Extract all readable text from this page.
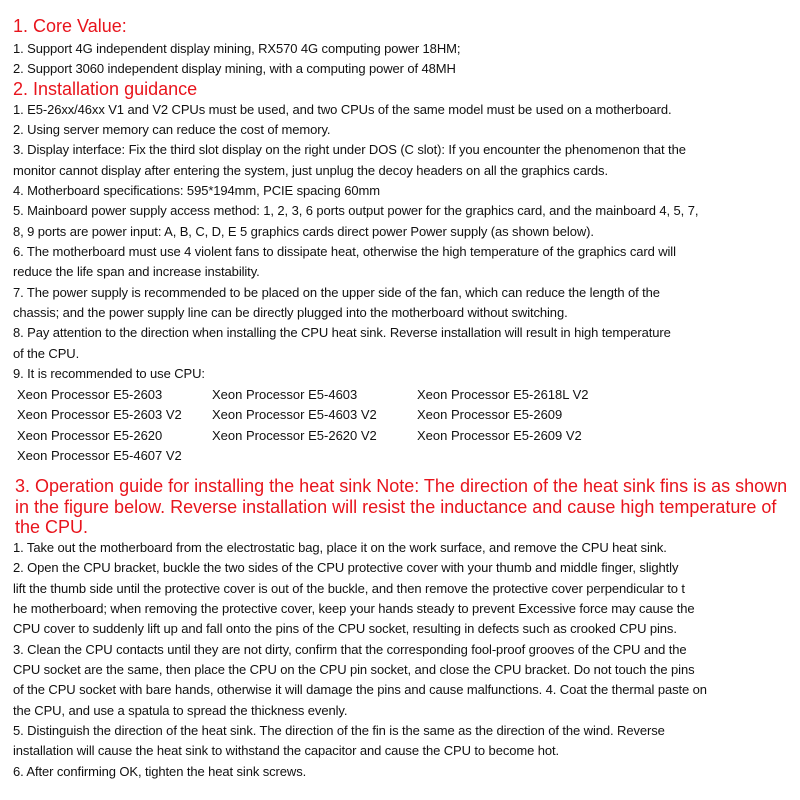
1. Core Value:
1. Support 4G independent display mining, RX570 4G computing power 18HM;
2. Support 3060 independent display mining, with a computing power of 48MH
2. Installation guidance
1. E5-26xx/46xx V1 and V2 CPUs must be used, and two CPUs of the same model must be used on a motherboard.
2. Using server memory can reduce the cost of memory.
3. Display interface: Fix the third slot display on the right under DOS (C slot): If you encounter the phenomenon that the
monitor cannot display after entering the system, just unplug the decoy headers on all the graphics cards.
4. Motherboard specifications: 595*194mm, PCIE spacing 60mm
5. Mainboard power supply access method: 1, 2, 3, 6 ports output power for the graphics card, and the mainboard 4, 5, 7,
8, 9 ports are power input: A, B, C, D, E 5 graphics cards direct power Power supply (as shown below).
6. The motherboard must use 4 violent fans to dissipate heat, otherwise the high temperature of the graphics card will
reduce the life span and increase instability.
7. The power supply is recommended to be placed on the upper side of the fan, which can reduce the length of the
chassis; and the power supply line can be directly plugged into the motherboard without switching.
8. Pay attention to the direction when installing the CPU heat sink. Reverse installation will result in high temperature
of the CPU.
9. It is recommended to use CPU:
Xeon Processor E5-2603	Xeon Processor E5-4603	Xeon Processor E5-2618L V2
Xeon Processor E5-2603 V2 Xeon Processor E5-4603 V2	Xeon Processor E5-2609
Xeon Processor E5-2620	Xeon Processor E5-2620 V2	Xeon Processor E5-2609 V2
Xeon Processor E5-4607 V2
3. Operation guide for installing the heat sink Note: The direction of the heat sink fins is as shown in the figure below. Reverse installation will resist the inductance and cause high temperature of the CPU.
1. Take out the motherboard from the electrostatic bag, place it on the work surface, and remove the CPU heat sink.
2. Open the CPU bracket, buckle the two sides of the CPU protective cover with your thumb and middle finger, slightly
lift the thumb side until the protective cover is out of the buckle, and then remove the protective cover perpendicular to t
he motherboard; when removing the protective cover, keep your hands steady to prevent Excessive force may cause the
CPU cover to suddenly lift up and fall onto the pins of the CPU socket, resulting in defects such as crooked CPU pins.
3. Clean the CPU contacts until they are not dirty, confirm that the corresponding fool-proof grooves of the CPU and the
CPU socket are the same, then place the CPU on the CPU pin socket, and close the CPU bracket. Do not touch the pins
of the CPU socket with bare hands, otherwise it will damage the pins and cause malfunctions. 4. Coat the thermal paste on
the CPU, and use a spatula to spread the thickness evenly.
5. Distinguish the direction of the heat sink. The direction of the fin is the same as the direction of the wind. Reverse
installation will cause the heat sink to withstand the capacitor and cause the CPU to become hot.
6. After confirming OK, tighten the heat sink screws.
